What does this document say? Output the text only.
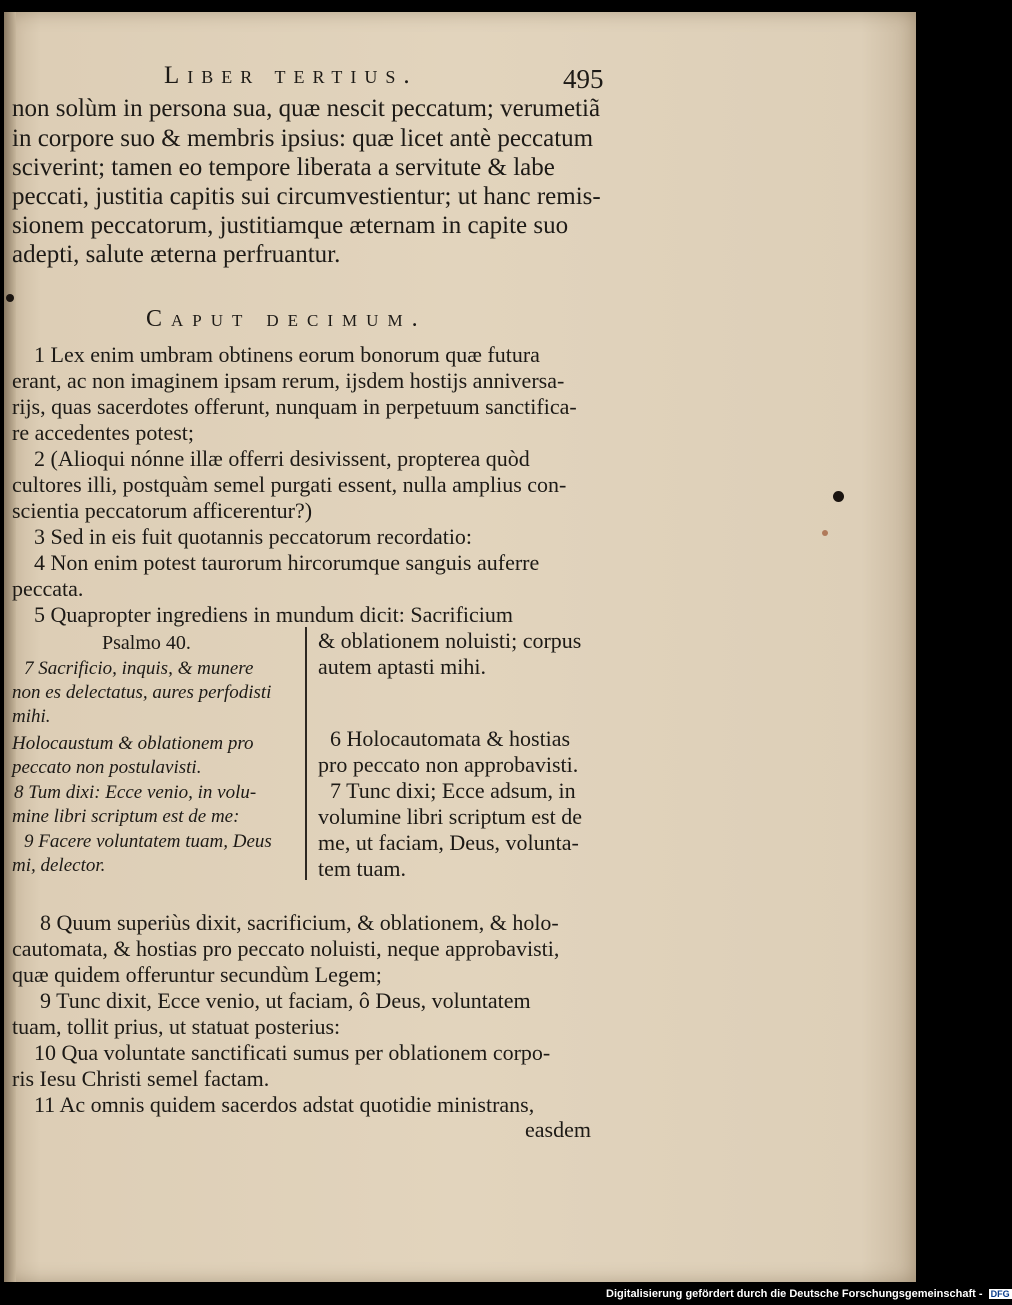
Liber tertius.	495
non solùm in persona sua, quæ nescit peccatum; verumetiã
in corpore suo & membris ipsius: quæ licet antè peccatum
sciverint; tamen eo tempore liberata a servitute & labe
peccati, justitia capitis sui circumvestientur; ut hanc remis-
sionem peccatorum, justitiamque æternam in capite suo
adepti, salute æterna perfruantur.
Caput decimum.
1 Lex enim umbram obtinens eorum bonorum quæ futura
erant, ac non imaginem ipsam rerum, ijsdem hostijs anniversa-
rijs, quas sacerdotes offerunt, nunquam in perpetuum sanctifica-
re accedentes potest;
2 (Alioqui nónne illæ offerri desivissent, propterea quòd
cultores illi, postquàm semel purgati essent, nulla amplius con-
scientia peccatorum afficerentur?)
3 Sed in eis fuit quotannis peccatorum recordatio:
4 Non enim potest taurorum hircorumque sanguis auferre
peccata.
5 Quapropter ingrediens in mundum dicit: Sacrificium
Psalmo 40.
7 Sacrificio, inquis, & munere
non es delectatus, aures perfodisti
mihi.
Holocaustum & oblationem pro
peccato non postulavisti.
8 Tum dixi: Ecce venio, in volu-
mine libri scriptum est de me:
9 Facere voluntatem tuam, Deus
mi, delector.
& oblationem noluisti; corpus
autem aptasti mihi.
6 Holocautomata & hostias
pro peccato non approbavisti.
7 Tunc dixi; Ecce adsum, in
volumine libri scriptum est de
me, ut faciam, Deus, volunta-
tem tuam.
8 Quum superiùs dixit, sacrificium, & oblationem, & holo-
cautomata, & hostias pro peccato noluisti, neque approbavisti,
quæ quidem offeruntur secundùm Legem;
9 Tunc dixit, Ecce venio, ut faciam, ô Deus, voluntatem
tuam, tollit prius, ut statuat posterius:
10 Qua voluntate sanctificati sumus per oblationem corpo-
ris Iesu Christi semel factam.
11 Ac omnis quidem sacerdos adstat quotidie ministrans,
easdem
Digitalisierung gefördert durch die Deutsche Forschungsgemeinschaft - DFG
